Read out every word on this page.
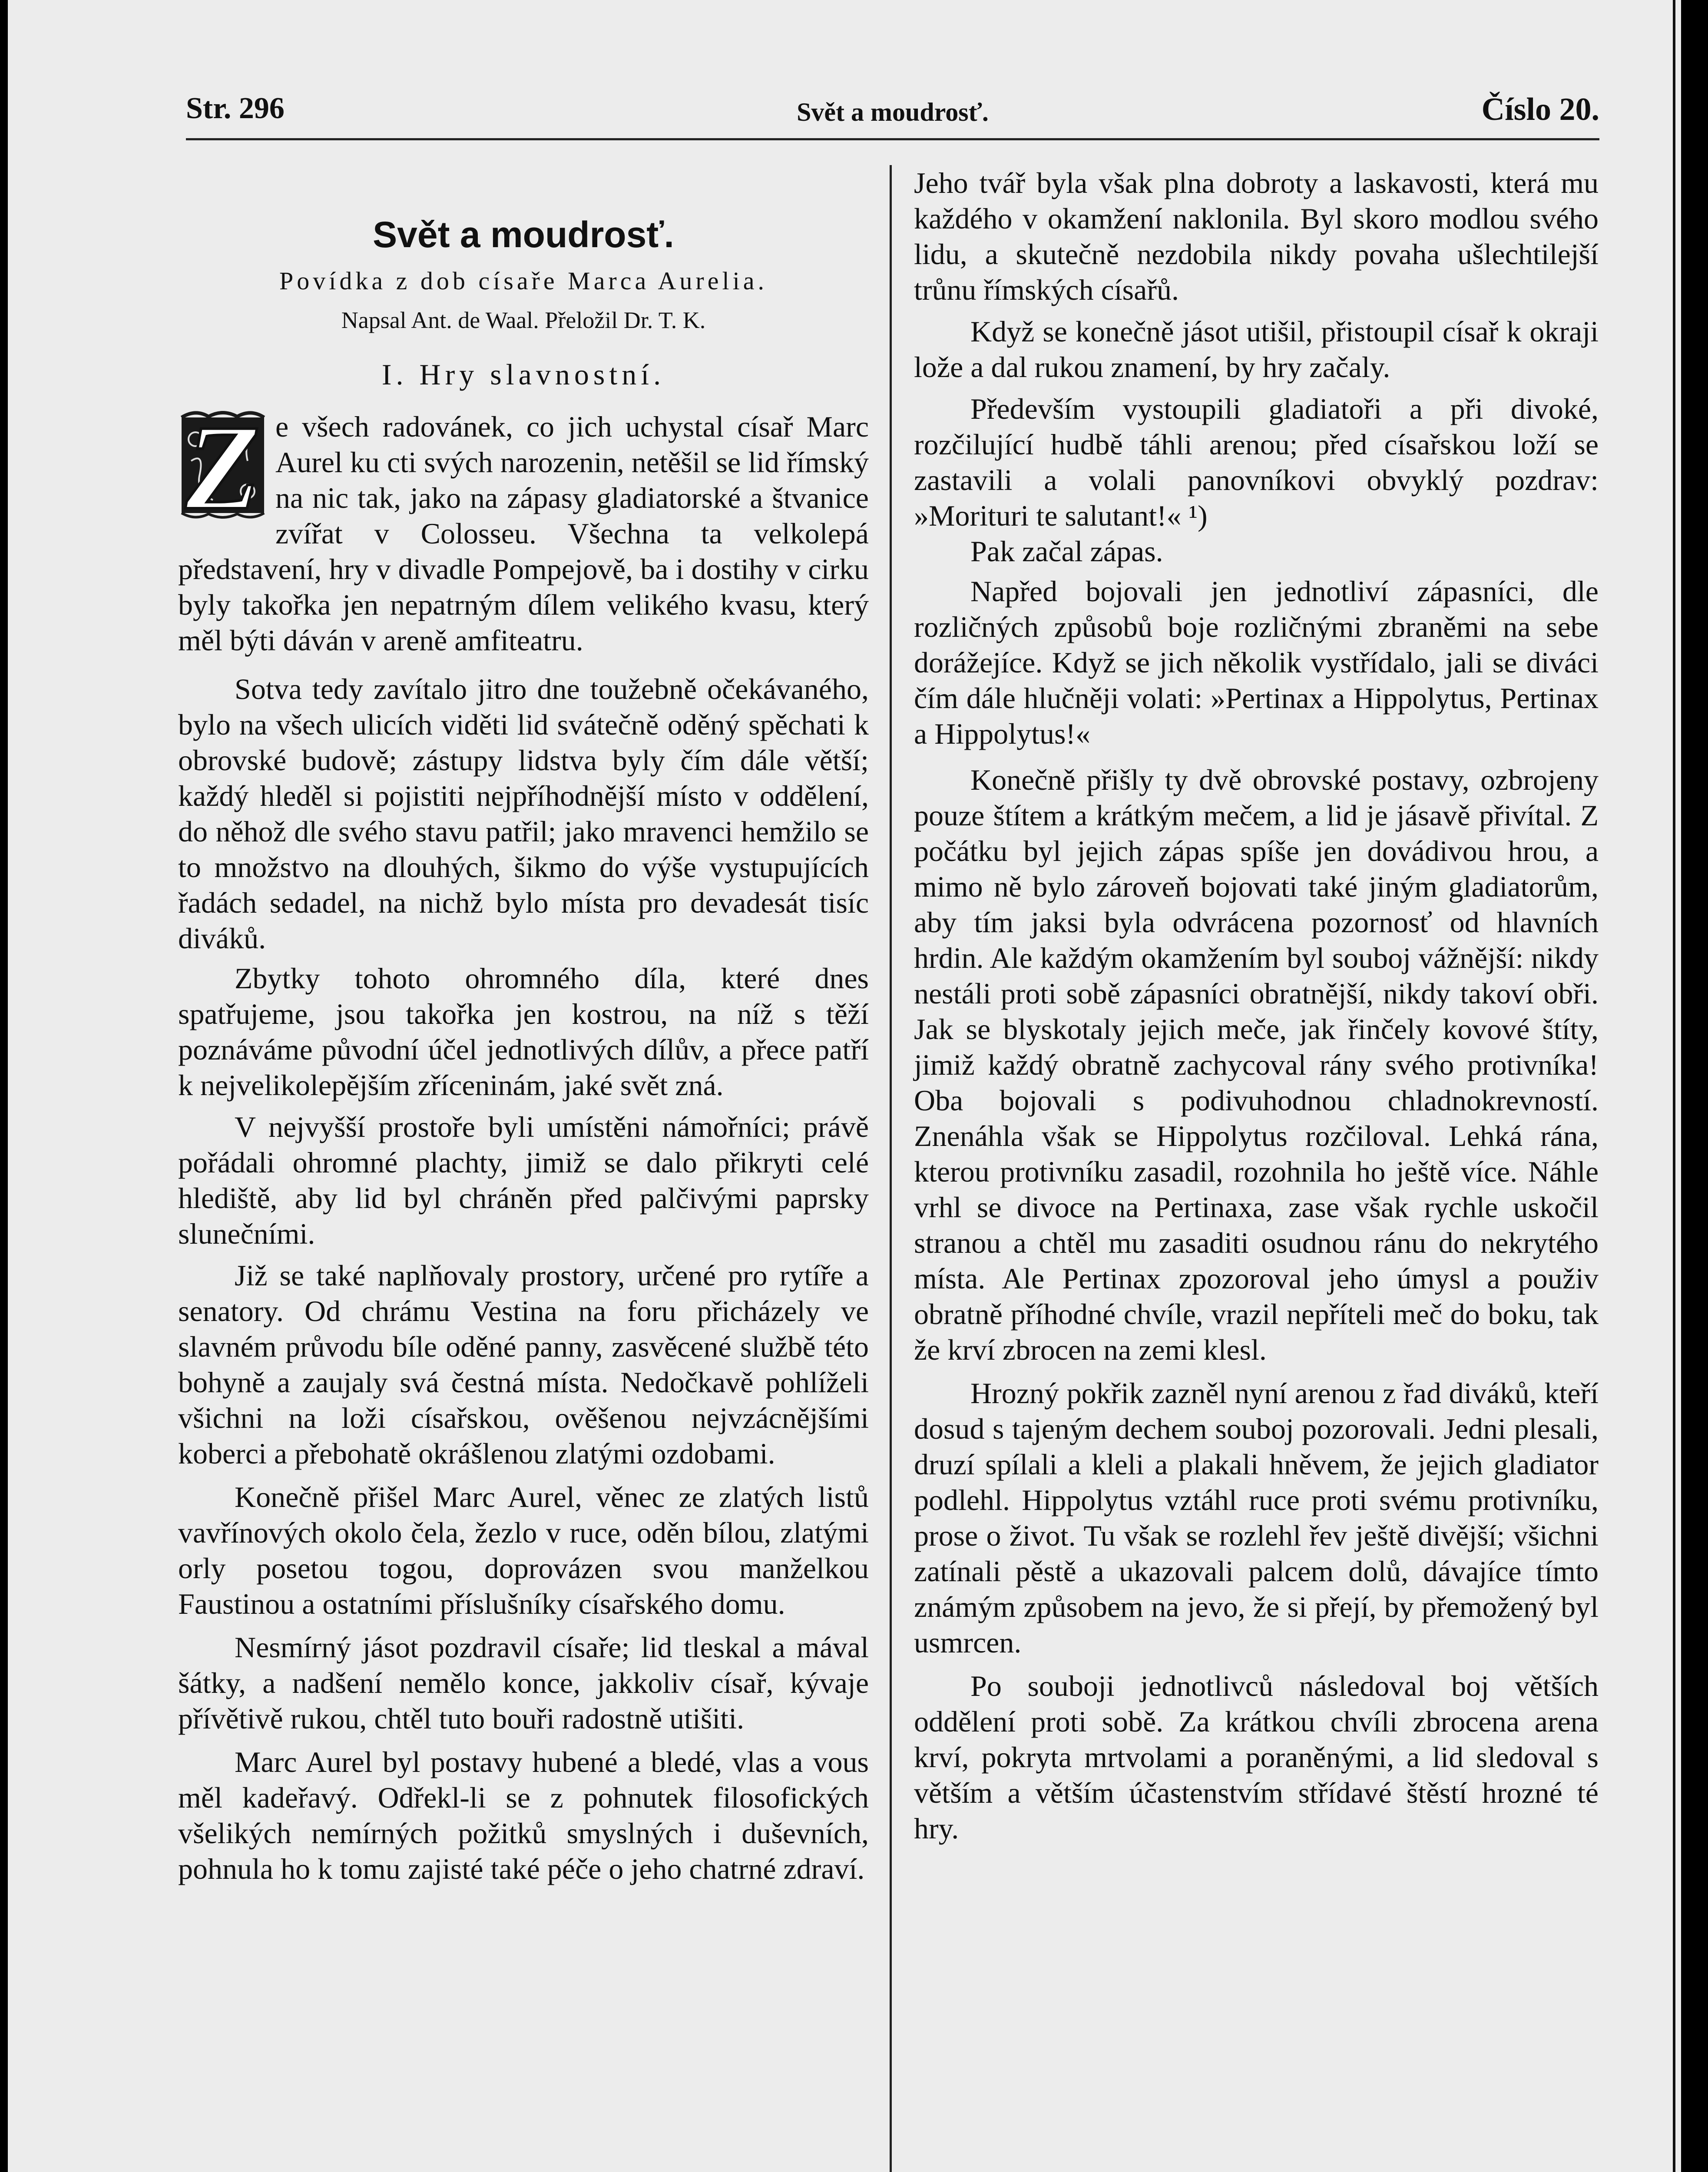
Str. 296	Svět a moudrosť.	Číslo 20.
Svět a moudrosť.
Povídka z dob císaře Marca Aurelia.
Napsal Ant. de Waal. Přeložil Dr. T. K.
I. Hry slavnostní.
Z e všech radovánek, co jich uchystal císař Marc Aurel ku cti svých narozenin, netěšil se lid římský na nic tak, jako na zápasy gladiatorské a štvanice zvířat v Colosseu. Všechna ta velkolepá představení, hry v divadle Pompejově, ba i dostihy v cirku byly takořka jen nepatrným dílem velikého kvasu, který měl býti dáván v areně amfiteatru.

Sotva tedy zavítalo jitro dne toužebně očekávaného, bylo na všech ulicích viděti lid svátečně oděný spěchati k obrovské budově; zástupy lidstva byly čím dále větší; každý hleděl si pojistiti nejpříhodnější místo v oddělení, do něhož dle svého stavu patřil; jako mravenci hemžilo se to množstvo na dlouhých, šikmo do výše vystupujících řadách sedadel, na nichž bylo místa pro devadesát tisíc diváků.

Zbytky tohoto ohromného díla, které dnes spatřujeme, jsou takořka jen kostrou, na níž s těží poznáváme původní účel jednotlivých dílův, a přece patří k nejvelikolepějším zříceninám, jaké svět zná.

V nejvyšší prostoře byli umístěni námořníci; právě pořádali ohromné plachty, jimiž se dalo přikryti celé hlediště, aby lid byl chráněn před palčivými paprsky slunečními.

Již se také naplňovaly prostory, určené pro rytíře a senatory. Od chrámu Vestina na foru přicházely ve slavném průvodu bíle oděné panny, zasvěcené službě této bohyně a zaujaly svá čestná místa. Nedočkavě pohlíželi všichni na loži císařskou, ověšenou nejvzácnějšími koberci a přebohatě okrášlenou zlatými ozdobami.

Konečně přišel Marc Aurel, věnec ze zlatých listů vavřínových okolo čela, žezlo v ruce, oděn bílou, zlatými orly posetou togou, doprovázen svou manželkou Faustinou a ostatními příslušníky císařského domu.

Nesmírný jásot pozdravil císaře; lid tleskal a mával šátky, a nadšení nemělo konce, jakkoliv císař, kývaje přívětivě rukou, chtěl tuto bouři radostně utišiti.

Marc Aurel byl postavy hubené a bledé, vlas a vous měl kadeřavý. Odřekl-li se z pohnutek filosofických všelikých nemírných požitků smyslných i duševních, pohnula ho k tomu zajisté také péče o jeho chatrné zdraví.

Jeho tvář byla však plna dobroty a laskavosti, která mu každého v okamžení naklonila. Byl skoro modlou svého lidu, a skutečně nezdobila nikdy povaha ušlechtilejší trůnu římských císařů.

Když se konečně jásot utišil, přistoupil císař k okraji lože a dal rukou znamení, by hry začaly.

Především vystoupili gladiatoři a při divoké, rozčilující hudbě táhli arenou; před císařskou loží se zastavili a volali panovníkovi obvyklý pozdrav: »Morituri te salutant!« ¹)

Pak začal zápas.

Napřed bojovali jen jednotliví zápasníci, dle rozličných způsobů boje rozličnými zbraněmi na sebe dorážejíce. Když se jich několik vystřídalo, jali se diváci čím dále hlučněji volati: »Pertinax a Hippolytus, Pertinax a Hippolytus!«

Konečně přišly ty dvě obrovské postavy, ozbrojeny pouze štítem a krátkým mečem, a lid je jásavě přivítal. Z počátku byl jejich zápas spíše jen dovádivou hrou, a mimo ně bylo zároveň bojovati také jiným gladiatorům, aby tím jaksi byla odvrácena pozornosť od hlavních hrdin. Ale každým okamžením byl souboj vážnější: nikdy nestáli proti sobě zápasníci obratnější, nikdy takoví obři. Jak se blyskotaly jejich meče, jak řinčely kovové štíty, jimiž každý obratně zachycoval rány svého protivníka! Oba bojovali s podivuhodnou chladnokrevností. Znenáhla však se Hippolytus rozčiloval. Lehká rána, kterou protivníku zasadil, rozohnila ho ještě více. Náhle vrhl se divoce na Pertinaxa, zase však rychle uskočil stranou a chtěl mu zasaditi osudnou ránu do nekrytého místa. Ale Pertinax zpozoroval jeho úmysl a použiv obratně příhodné chvíle, vrazil nepříteli meč do boku, tak že krví zbrocen na zemi klesl.

Hrozný pokřik zazněl nyní arenou z řad diváků, kteří dosud s tajeným dechem souboj pozorovali. Jedni plesali, druzí spílali a kleli a plakali hněvem, že jejich gladiator podlehl. Hippolytus vztáhl ruce proti svému protivníku, prose o život. Tu však se rozlehl řev ještě divější; všichni zatínali pěstě a ukazovali palcem dolů, dávajíce tímto známým způsobem na jevo, že si přejí, by přemožený byl usmrcen.

Po souboji jednotlivců následoval boj větších oddělení proti sobě. Za krátkou chvíli zbrocena arena krví, pokryta mrtvolami a poraněnými, a lid sledoval s větším a větším účastenstvím střídavé štěstí hrozné té hry.
